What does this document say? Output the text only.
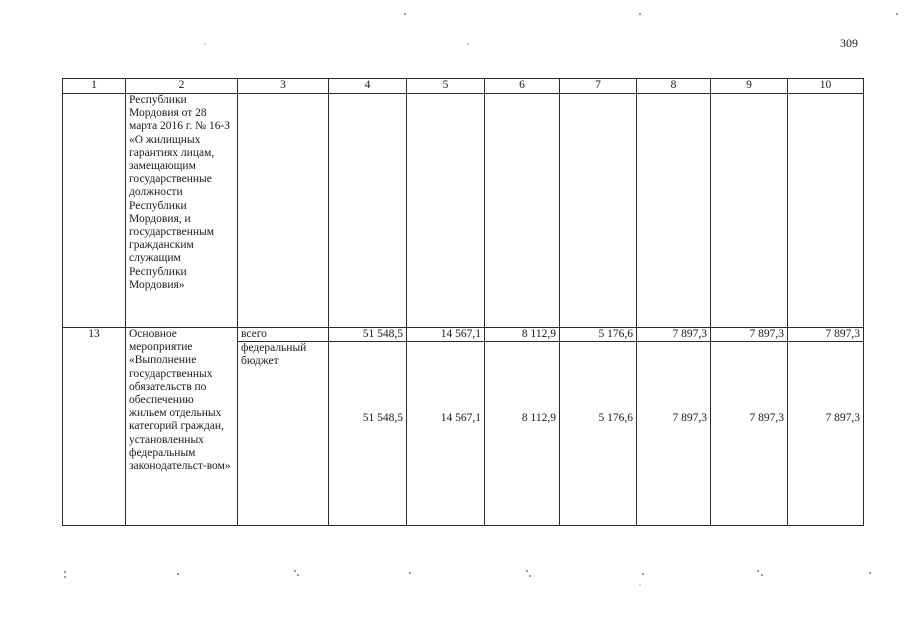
309
1	2	3	4	5	6	7	8	9	10
	Республики Мордовия от 28 марта 2016 г. № 16-З «О жилищных гарантиях лицам, замещающим государственные должности Республики Мордовия, и государственным гражданским служащим Республики Мордовия»								
13	Основное мероприятие «Выполнение государственных обязательств по обеспечению жильем отдельных категорий граждан, установленных федеральным законодательст-вом»	всего	51 548,5	14 567,1	8 112,9	5 176,6	7 897,3	7 897,3	7 897,3
		федеральный бюджет	51 548,5	14 567,1	8 112,9	5 176,6	7 897,3	7 897,3	7 897,3
